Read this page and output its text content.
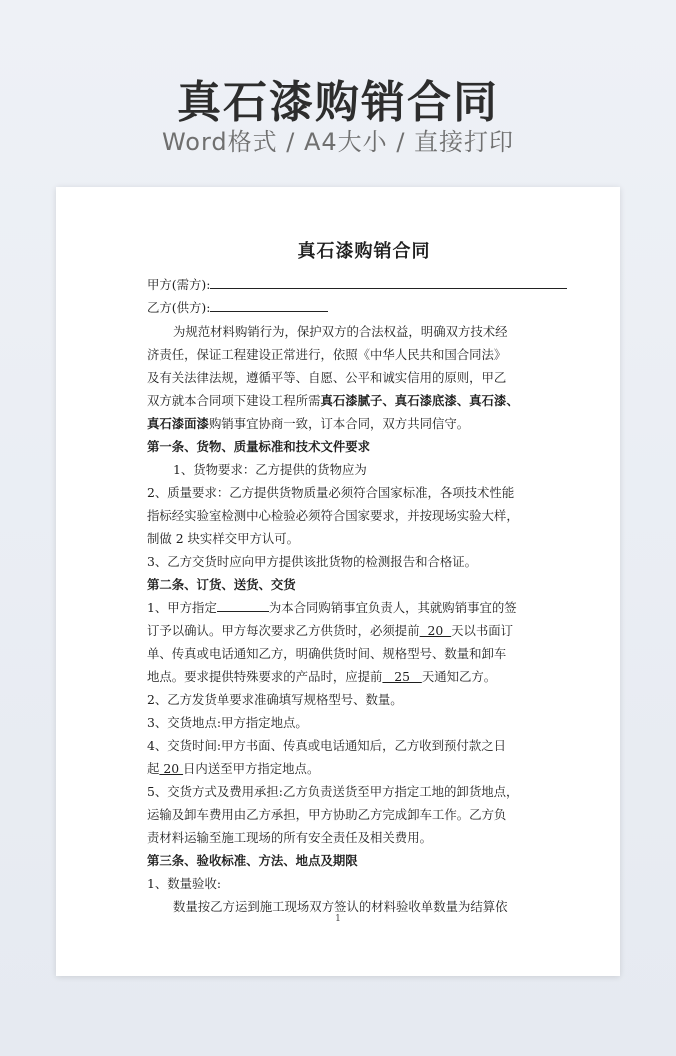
真石漆购销合同
Word格式 / A4大小 / 直接打印
真石漆购销合同
甲方(需方):
乙方(供方):
为规范材料购销行为，保护双方的合法权益，明确双方技术经
济责任，保证工程建设正常进行，依照《中华人民共和国合同法》
及有关法律法规，遵循平等、自愿、公平和诚实信用的原则，甲乙
双方就本合同项下建设工程所需真石漆腻子、真石漆底漆、真石漆、
真石漆面漆购销事宜协商一致，订本合同，双方共同信守。
第一条、货物、质量标准和技术文件要求
1、货物要求：乙方提供的货物应为
2、质量要求：乙方提供货物质量必须符合国家标准，各项技术性能
指标经实验室检测中心检验必须符合国家要求，并按现场实验大样，
制做 2 块实样交甲方认可。
3、乙方交货时应向甲方提供该批货物的检测报告和合格证。
第二条、订货、送货、交货
1、甲方指定	为本合同购销事宜负责人，其就购销事宜的签
订予以确认。甲方每次要求乙方供货时，必须提前  20  天以书面订
单、传真或电话通知乙方，明确供货时间、规格型号、数量和卸车
地点。要求提供特殊要求的产品时，应提前   25   天通知乙方。
2、乙方发货单要求准确填写规格型号、数量。
3、交货地点:甲方指定地点。
4、交货时间:甲方书面、传真或电话通知后，乙方收到预付款之日
起 20 日内送至甲方指定地点。
5、交货方式及费用承担:乙方负责送货至甲方指定工地的卸货地点，
运输及卸车费用由乙方承担，甲方协助乙方完成卸车工作。乙方负
责材料运输至施工现场的所有安全责任及相关费用。
第三条、验收标准、方法、地点及期限
1、数量验收:
数量按乙方运到施工现场双方签认的材料验收单数量为结算依
1
